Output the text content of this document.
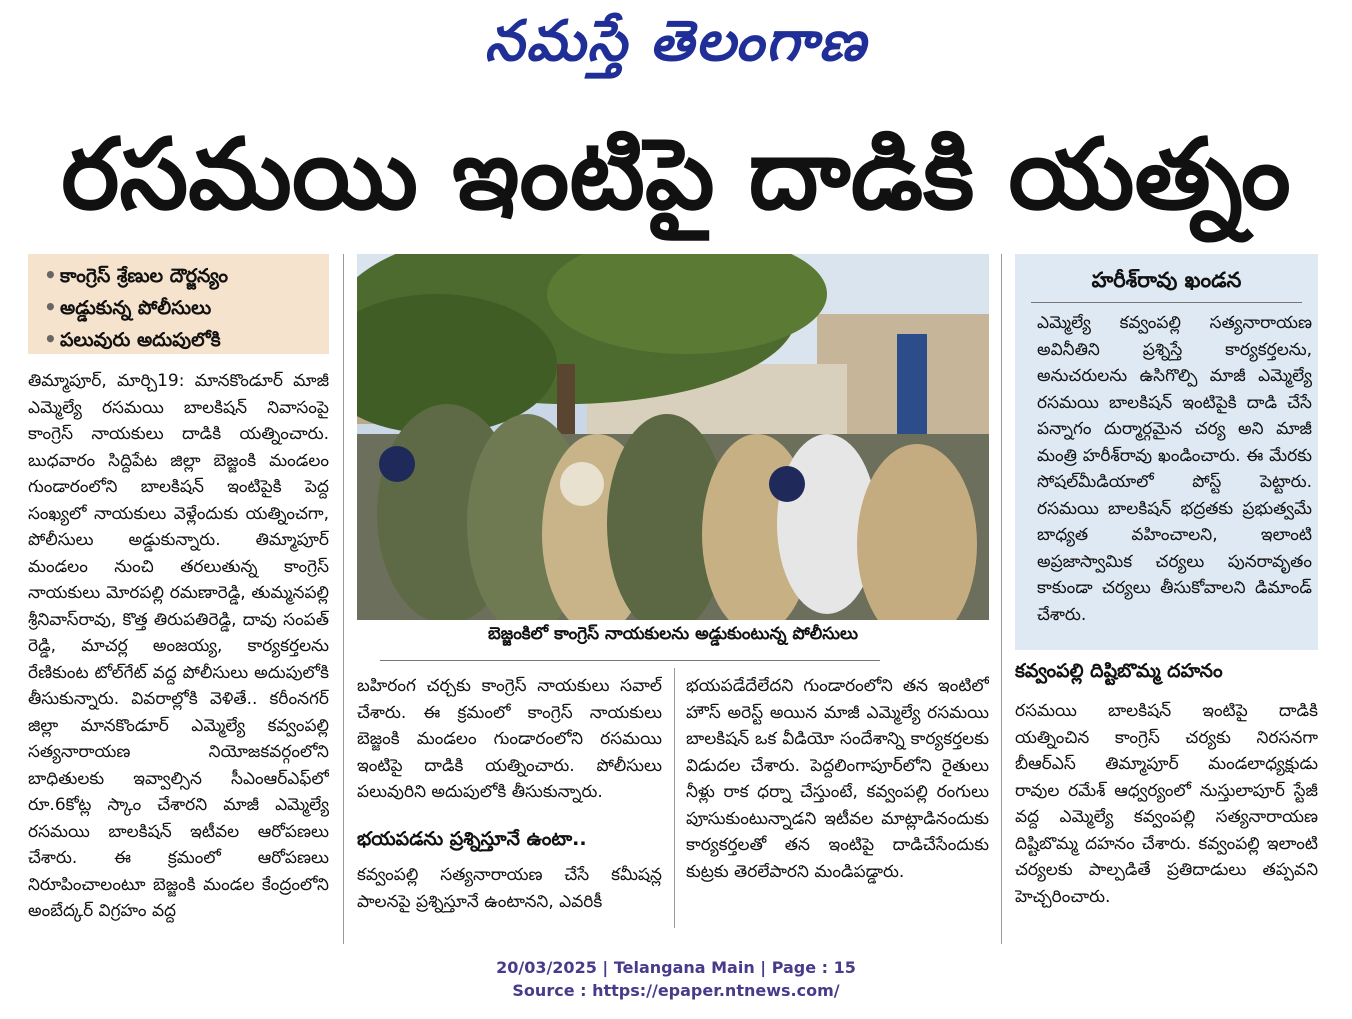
నమస్తే తెలంగాణ
రసమయి ఇంటిపై దాడికి యత్నం
• కాంగ్రెస్ శ్రేణుల దౌర్జన్యం
• అడ్డుకున్న పోలీసులు
• పలువురు అదుపులోకి

తిమ్మాపూర్, మార్చి19: మానకొండూర్ మాజీ ఎమ్మెల్యే రసమయి బాలకిషన్ నివాసంపై కాంగ్రెస్ నాయకులు దాడికి యత్నించారు. బుధవారం సిద్దిపేట జిల్లా బెజ్జంకి మండలం గుండారంలోని బాలకిషన్ ఇంటిపైకి పెద్ద సంఖ్యలో నాయకులు వెళ్లేందుకు యత్నించగా, పోలీసులు అడ్డుకున్నారు. తిమ్మాపూర్ మండలం నుంచి తరలుతున్న కాంగ్రెస్ నాయకులు మోరపల్లి రమణారెడ్డి, తుమ్మనపల్లి శ్రీనివాస్‌రావు, కొత్త తిరుపతిరెడ్డి, దావు సంపత్ రెడ్డి, మాచర్ల అంజయ్య, కార్యకర్తలను రేణికుంట టోల్‌గేట్ వద్ద పోలీసులు అదుపులోకి తీసుకున్నారు. వివరాల్లోకి వెళితే.. కరీంనగర్ జిల్లా మానకొండూర్ ఎమ్మెల్యే కవ్వంపల్లి సత్యనారాయణ నియోజకవర్గంలోని బాధితులకు ఇవ్వాల్సిన సీఎంఆర్‌ఎఫ్‌లో రూ.6కోట్ల స్కాం చేశారని మాజీ ఎమ్మెల్యే రసమయి బాలకిషన్ ఇటీవల ఆరోపణలు చేశారు. ఈ క్రమంలో ఆరోపణలు నిరూపించాలంటూ బెజ్జంకి మండల కేంద్రంలోని అంబేద్కర్ విగ్రహం వద్ద

బెజ్జంకిలో కాంగ్రెస్ నాయకులను అడ్డుకుంటున్న పోలీసులు

బహిరంగ చర్చకు కాంగ్రెస్ నాయకులు సవాల్ చేశారు. ఈ క్రమంలో కాంగ్రెస్ నాయకులు బెజ్జంకి మండలం గుండారంలోని రసమయి ఇంటిపై దాడికి యత్నించారు. పోలీసులు పలువురిని అదుపులోకి తీసుకున్నారు.

భయపడను ప్రశ్నిస్తూనే ఉంటా..

కవ్వంపల్లి సత్యనారాయణ చేసే కమీషన్ల పాలనపై ప్రశ్నిస్తూనే ఉంటానని, ఎవరికీ

భయపడేదేలేదని గుండారంలోని తన ఇంటిలో హౌస్ అరెస్ట్ అయిన మాజీ ఎమ్మెల్యే రసమయి బాలకిషన్ ఒక వీడియో సందేశాన్ని కార్యకర్తలకు విడుదల చేశారు. పెద్దలింగాపూర్‌లోని రైతులు నీళ్లు రాక ధర్నా చేస్తుంటే, కవ్వంపల్లి రంగులు పూసుకుంటున్నాడని ఇటీవల మాట్లాడినందుకు కార్యకర్తలతో తన ఇంటిపై దాడిచేసేందుకు కుట్రకు తెరలేపారని మండిపడ్డారు.

హరీశ్‌రావు ఖండన

ఎమ్మెల్యే కవ్వంపల్లి సత్యనారాయణ అవినీతిని ప్రశ్నిస్తే కార్యకర్తలను, అనుచరులను ఉసిగొల్పి మాజీ ఎమ్మెల్యే రసమయి బాలకిషన్ ఇంటిపైకి దాడి చేసే పన్నాగం దుర్మార్గమైన చర్య అని మాజీ మంత్రి హరీశ్‌రావు ఖండించారు. ఈ మేరకు సోషల్‌మీడియాలో పోస్ట్ పెట్టారు. రసమయి బాలకిషన్ భద్రతకు ప్రభుత్వమే బాధ్యత వహించాలని, ఇలాంటి అప్రజాస్వామిక చర్యలు పునరావృతం కాకుండా చర్యలు తీసుకోవాలని డిమాండ్ చేశారు.

కవ్వంపల్లి దిష్టిబొమ్మ దహనం

రసమయి బాలకిషన్ ఇంటిపై దాడికి యత్నించిన కాంగ్రెస్ చర్యకు నిరసనగా బీఆర్‌ఎస్ తిమ్మాపూర్ మండలాధ్యక్షుడు రావుల రమేశ్ ఆధ్వర్యంలో నుస్తులాపూర్ స్టేజీ వద్ద ఎమ్మెల్యే కవ్వంపల్లి సత్యనారాయణ దిష్టిబొమ్మ దహనం చేశారు. కవ్వంపల్లి ఇలాంటి చర్యలకు పాల్పడితే ప్రతిదాడులు తప్పవని హెచ్చరించారు.

20/03/2025 | Telangana Main | Page : 15
Source : https://epaper.ntnews.com/
